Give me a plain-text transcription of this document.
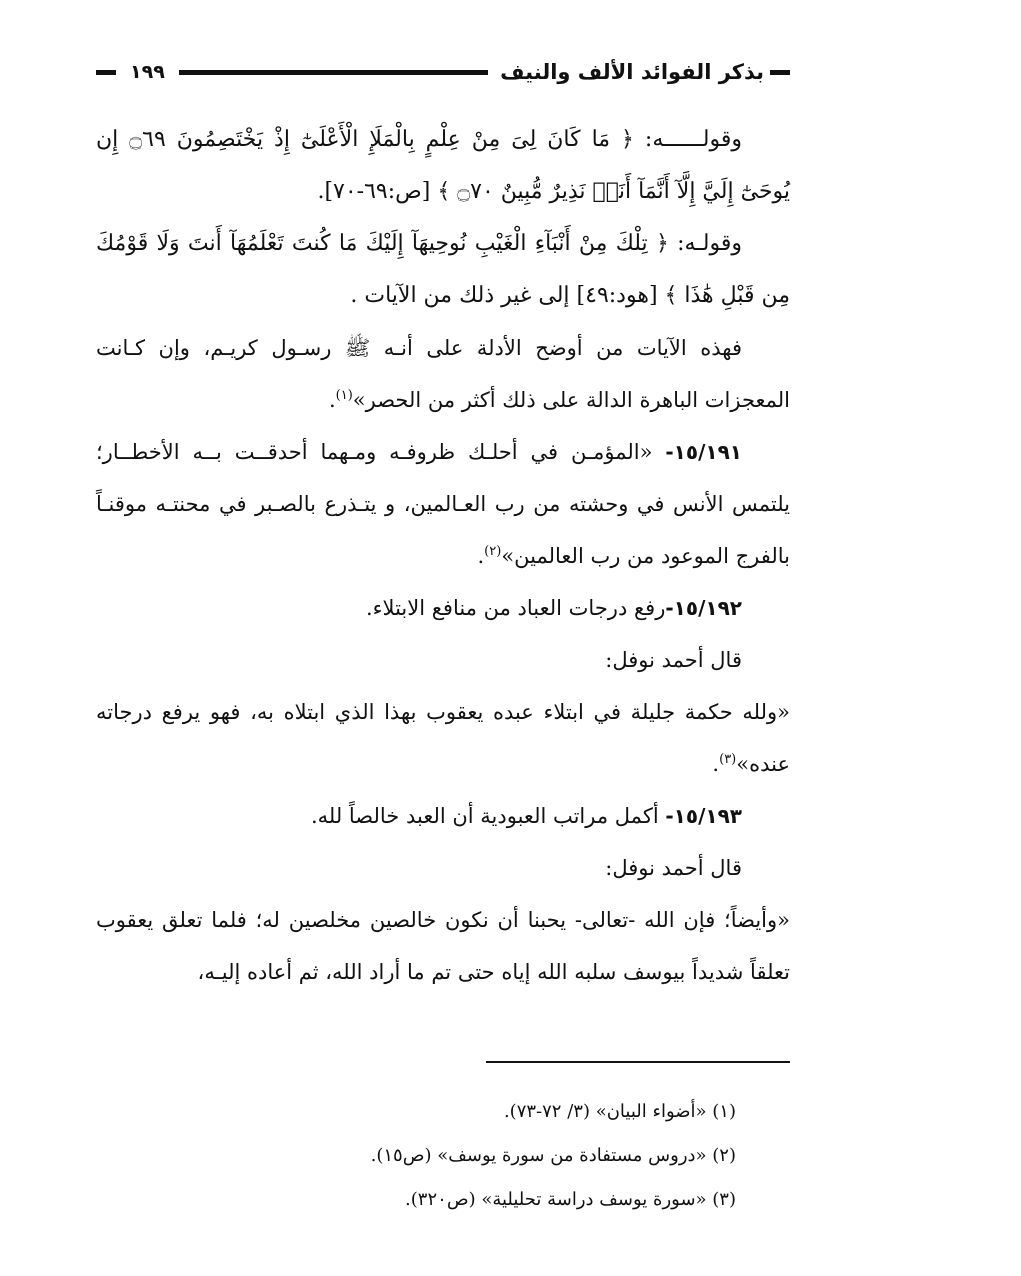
بذكر الفوائد الألف والنيف
١٩٩

وقولــــــه: ﴿ مَا كَانَ لِىَ مِنْ عِلْمٍ بِالْمَلَإِ الْأَعْلَىٰٓ إِذْ يَخْتَصِمُونَ ۝٦٩ إِن يُوحَىٰٓ إِلَيَّ إِلَّآ أَنَّمَآ أَنَا۠ نَذِيرٌ مُّبِينٌ ۝٧٠ ﴾ [ص:٦٩-٧٠].

وقولـه: ﴿ تِلْكَ مِنْ أَنْبَآءِ الْغَيْبِ نُوحِيهَآ إِلَيْكَ مَا كُنتَ تَعْلَمُهَآ أَنتَ وَلَا قَوْمُكَ مِن قَبْلِ هَٰذَا ﴾ [هود:٤٩] إلى غير ذلك من الآيات .

فهذه الآيات من أوضح الأدلة على أنـه ﷺ رسـول كريـم، وإن كـانت المعجزات الباهرة الدالة على ذلك أكثر من الحصر»$^{(١)}$.

١٥/١٩١- «المؤمـن في أحلـك ظروفـه ومـهما أحدقــت بــه الأخطــار؛ يلتمس الأنس في وحشته من رب العـالمين، و يتـذرع بالصـبر في محنتـه موقنـاً بالفرج الموعود من رب العالمين»$^{(٢)}$.

١٥/١٩٢-رفع درجات العباد من منافع الابتلاء.

قال أحمد نوفل:

«ولله حكمة جليلة في ابتلاء عبده يعقوب بهذا الذي ابتلاه به، فهو يرفع درجاته عنده»$^{(٣)}$.

١٥/١٩٣- أكمل مراتب العبودية أن العبد خالصاً لله.

قال أحمد نوفل:

«وأيضاً؛ فإن الله -تعالى- يحبنا أن نكون خالصين مخلصين له؛ فلما تعلق يعقوب تعلقاً شديداً بيوسف سلبه الله إياه حتى تم ما أراد الله، ثم أعاده إليـه،

(١) «أضواء البيان» (٣/ ٧٢-٧٣).

(٢) «دروس مستفادة من سورة يوسف» (ص١٥).

(٣) «سورة يوسف دراسة تحليلية» (ص٣٢٠).
